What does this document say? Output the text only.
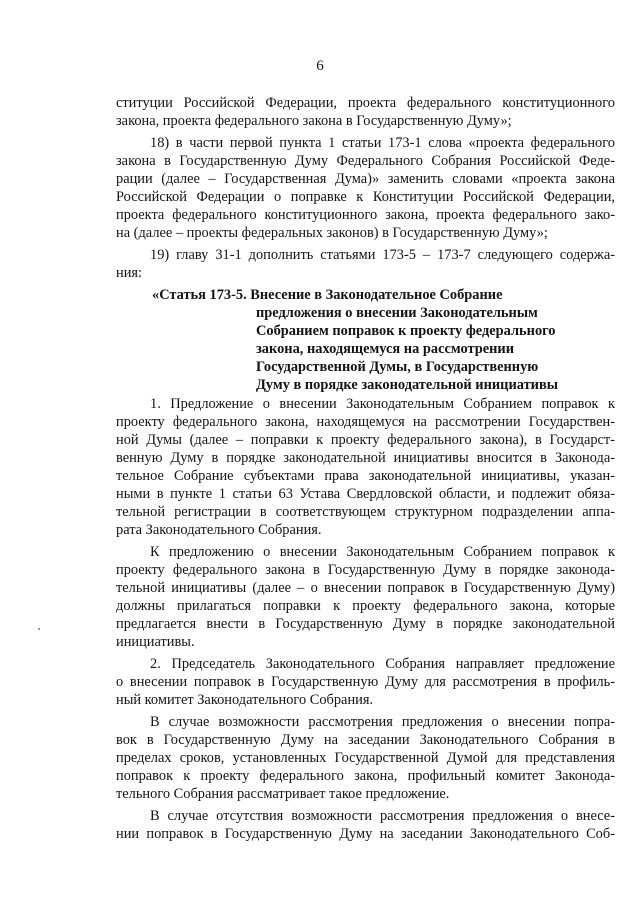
6
ституции Российской Федерации, проекта федерального конституционного
закона, проекта федерального закона в Государственную Думу»;
18) в части первой пункта 1 статьи 173-1 слова «проекта федерального
закона в Государственную Думу Федерального Собрания Российской Феде-
рации (далее – Государственная Дума)» заменить словами «проекта закона
Российской Федерации о поправке к Конституции Российской Федерации,
проекта федерального конституционного закона, проекта федерального зако-
на (далее – проекты федеральных законов) в Государственную Думу»;
19) главу 31-1 дополнить статьями 173-5 – 173-7 следующего содержа-
ния:
«Статья 173-5. Внесение в Законодательное Собрание
предложения о внесении Законодательным
Собранием поправок к проекту федерального
закона, находящемуся на рассмотрении
Государственной Думы, в Государственную
Думу в порядке законодательной инициативы
1. Предложение о внесении Законодательным Собранием поправок к
проекту федерального закона, находящемуся на рассмотрении Государствен-
ной Думы (далее – поправки к проекту федерального закона), в Государст-
венную Думу в порядке законодательной инициативы вносится в Законода-
тельное Собрание субъектами права законодательной инициативы, указан-
ными в пункте 1 статьи 63 Устава Свердловской области, и подлежит обяза-
тельной регистрации в соответствующем структурном подразделении аппа-
рата Законодательного Собрания.
К предложению о внесении Законодательным Собранием поправок к
проекту федерального закона в Государственную Думу в порядке законода-
тельной инициативы (далее – о внесении поправок в Государственную Думу)
должны прилагаться поправки к проекту федерального закона, которые
предлагается внести в Государственную Думу в порядке законодательной
инициативы.
2. Председатель Законодательного Собрания направляет предложение
о внесении поправок в Государственную Думу для рассмотрения в профиль-
ный комитет Законодательного Собрания.
В случае возможности рассмотрения предложения о внесении попра-
вок в Государственную Думу на заседании Законодательного Собрания в
пределах сроков, установленных Государственной Думой для представления
поправок к проекту федерального закона, профильный комитет Законода-
тельного Собрания рассматривает такое предложение.
В случае отсутствия возможности рассмотрения предложения о внесе-
нии поправок в Государственную Думу на заседании Законодательного Соб-
